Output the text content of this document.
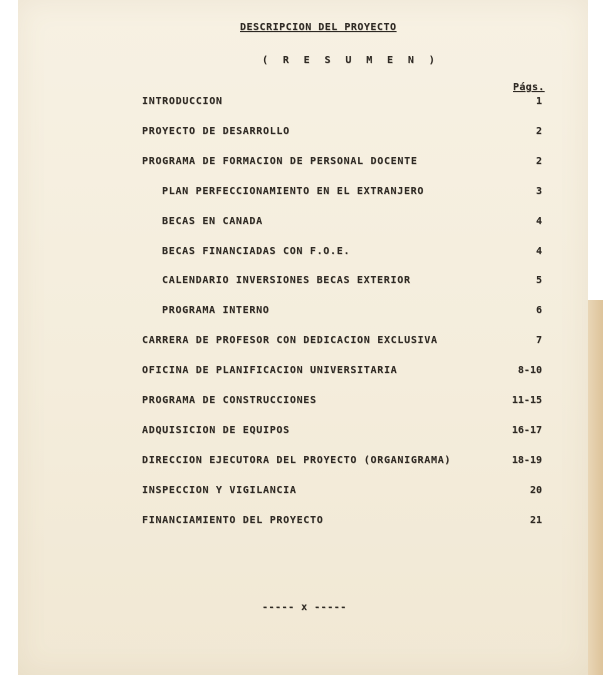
DESCRIPCION DEL PROYECTO
( R E S U M E N )
Págs.
INTRODUCCION	1
PROYECTO DE DESARROLLO	2
PROGRAMA DE FORMACION DE PERSONAL DOCENTE	2
PLAN PERFECCIONAMIENTO EN EL EXTRANJERO	3
BECAS EN CANADA	4
BECAS FINANCIADAS CON F.O.E.	4
CALENDARIO INVERSIONES BECAS EXTERIOR	5
PROGRAMA INTERNO	6
CARRERA DE PROFESOR CON DEDICACION EXCLUSIVA	7
OFICINA DE PLANIFICACION UNIVERSITARIA	8-10
PROGRAMA DE CONSTRUCCIONES	11-15
ADQUISICION DE EQUIPOS	16-17
DIRECCION EJECUTORA DEL PROYECTO (ORGANIGRAMA)	18-19
INSPECCION Y VIGILANCIA	20
FINANCIAMIENTO DEL PROYECTO	21
----- x -----
